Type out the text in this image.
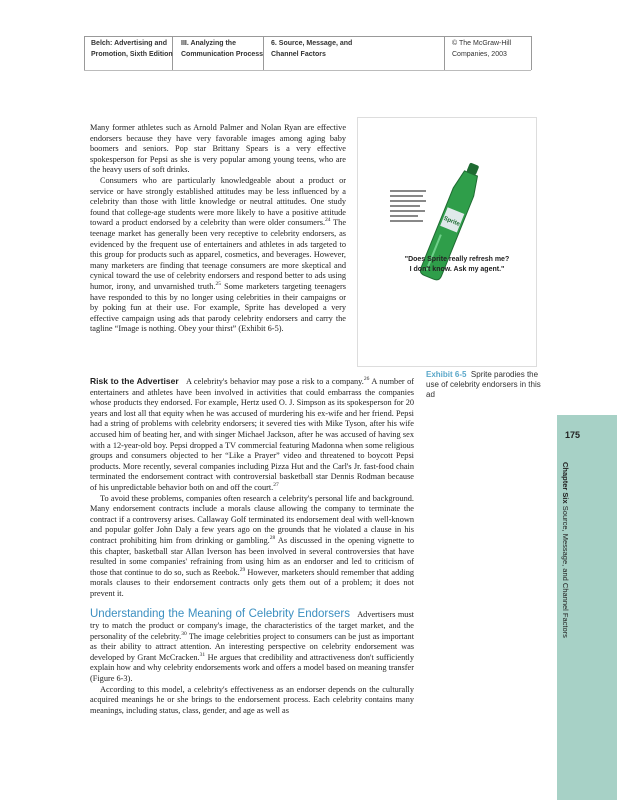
Belch: Advertising and
Promotion, Sixth Edition
III. Analyzing the
Communication Process
6. Source, Message, and
Channel Factors
© The McGraw-Hill
Companies, 2003

Many former athletes such as Arnold Palmer and Nolan Ryan are effective endorsers because they have very favorable images among aging baby boomers and seniors. Pop star Brittany Spears is a very effective spokesperson for Pepsi as she is very popular among young teens, who are the heavy users of soft drinks.

Consumers who are particularly knowledgeable about a product or service or have strongly established attitudes may be less influenced by a celebrity than those with little knowledge or neutral attitudes. One study found that college-age students were more likely to have a positive attitude toward a product endorsed by a celebrity than were older consumers.$^{24}$ The teenage market has generally been very receptive to celebrity endorsers, as evidenced by the frequent use of entertainers and athletes in ads targeted to this group for products such as apparel, cosmetics, and beverages. However, many marketers are finding that teenage consumers are more skeptical and cynical toward the use of celebrity endorsers and respond better to ads using humor, irony, and unvarnished truth.$^{25}$ Some marketers targeting teenagers have responded to this by no longer using celebrities in their campaigns or by poking fun at their use. For example, Sprite has developed a very effective campaign using ads that parody celebrity endorsers and carry the tagline “Image is nothing. Obey your thirst” (Exhibit 6-5).

Sprite
"Does Sprite really refresh me?
I don't know. Ask my agent."
Exhibit 6-5 Sprite parodies the use of celebrity endorsers in this ad

Risk to the Advertiser A celebrity's behavior may pose a risk to a company.$^{26}$ A number of entertainers and athletes have been involved in activities that could embarrass the companies whose products they endorsed. For example, Hertz used O. J. Simpson as its spokesperson for 20 years and lost all that equity when he was accused of murdering his ex-wife and her friend. Pepsi had a string of problems with celebrity endorsers; it severed ties with Mike Tyson, after his wife accused him of beating her, and with singer Michael Jackson, after he was accused of having sex with a 12-year-old boy. Pepsi dropped a TV commercial featuring Madonna when some religious groups and consumers objected to her “Like a Prayer” video and threatened to boycott Pepsi products. More recently, several companies including Pizza Hut and the Carl's Jr. fast-food chain terminated the endorsement contract with controversial basketball star Dennis Rodman because of his unpredictable behavior both on and off the court.$^{27}$

To avoid these problems, companies often research a celebrity's personal life and background. Many endorsement contracts include a morals clause allowing the company to terminate the contract if a controversy arises. Callaway Golf terminated its endorsement deal with well-known and popular golfer John Daly a few years ago on the grounds that he violated a clause in his contract prohibiting him from drinking or gambling.$^{28}$ As discussed in the opening vignette to this chapter, basketball star Allan Iverson has been involved in several controversies that have resulted in some companies' refraining from using him as an endorser and led to criticism of those that continue to do so, such as Reebok.$^{29}$ However, marketers should remember that adding morals clauses to their endorsement contracts only gets them out of a problem; it does not prevent it.

Understanding the Meaning of Celebrity Endorsers Advertisers must try to match the product or company's image, the characteristics of the target market, and the personality of the celebrity.$^{30}$ The image celebrities project to consumers can be just as important as their ability to attract attention. An interesting perspective on celebrity endorsement was developed by Grant McCracken.$^{31}$ He argues that credibility and attractiveness don't sufficiently explain how and why celebrity endorsements work and offers a model based on meaning transfer (Figure 6-3).

According to this model, a celebrity's effectiveness as an endorser depends on the culturally acquired meanings he or she brings to the endorsement process. Each celebrity contains many meanings, including status, class, gender, and age as well as

175
Chapter Six Source, Message, and Channel Factors
